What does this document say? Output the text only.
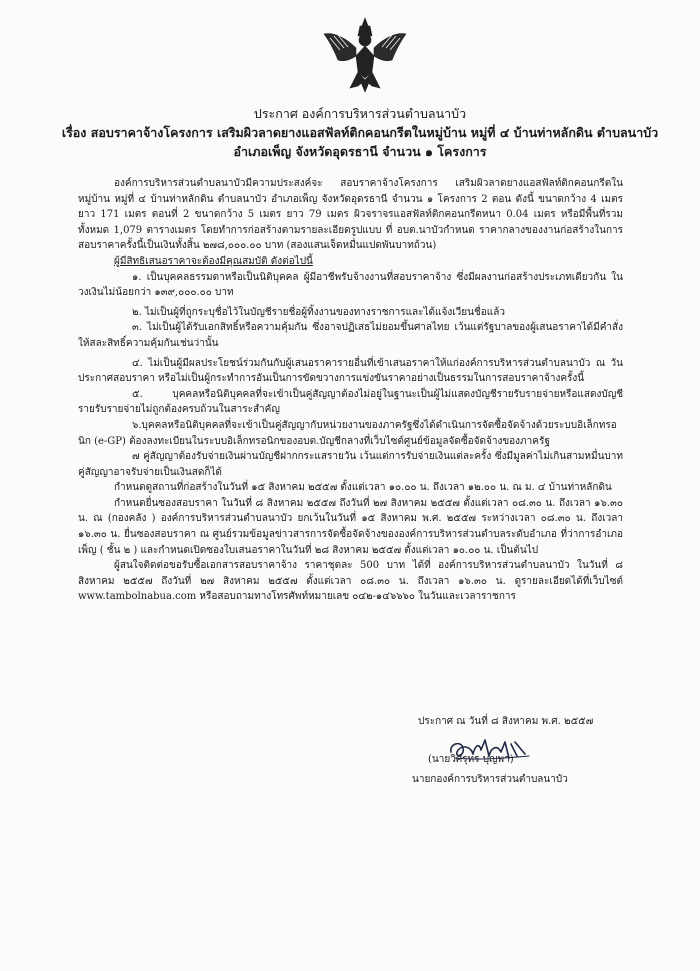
ประกาศ องค์การบริหารส่วนตำบลนาบัว
เรื่อง สอบราคาจ้างโครงการ เสริมผิวลาดยางแอสฟัลท์ติกคอนกรีตในหมู่บ้าน หมู่ที่ ๔ บ้านท่าหลักดิน ตำบลนาบัว
อำเภอเพ็ญ จังหวัดอุดรธานี จำนวน ๑ โครงการ

องค์การบริหารส่วนตำบลนาบัวมีความประสงค์จะ สอบราคาจ้างโครงการ เสริมผิวลาดยางแอสฟัลท์ติกคอนกรีตในหมู่บ้าน หมู่ที่ ๔ บ้านท่าหลักดิน ตำบลนาบัว อำเภอเพ็ญ จังหวัดอุดรธานี จำนวน ๑ โครงการ 2 ตอน ดังนี้ ขนาดกว้าง 4 เมตร ยาว 171 เมตร ตอนที่ 2 ขนาดกว้าง 5 เมตร ยาว 79 เมตร ผิวจราจรแอสฟัลท์ติกคอนกรีตหนา 0.04 เมตร หรือมีพื้นที่รวมทั้งหมด 1,079 ตารางเมตร โดยทำการก่อสร้างตามรายละเอียดรูปแบบ ที่ อบต.นาบัวกำหนด ราคากลางของงานก่อสร้างในการสอบราคาครั้งนี้เป็นเงินทั้งสิ้น ๒๗๘,๐๐๐.๐๐ บาท (สองแสนเจ็ดหมื่นแปดพันบาทถ้วน)

ผู้มีสิทธิเสนอราคาจะต้องมีคุณสมบัติ ดังต่อไปนี้

๑. เป็นบุคคลธรรมดาหรือเป็นนิติบุคคล ผู้มีอาชีพรับจ้างงานที่สอบราคาจ้าง ซึ่งมีผลงานก่อสร้างประเภทเดียวกัน ในวงเงินไม่น้อยกว่า ๑๓๙,๐๐๐.๐๐ บาท

๒. ไม่เป็นผู้ที่ถูกระบุชื่อไว้ในบัญชีรายชื่อผู้ทิ้งงานของทางราชการและได้แจ้งเวียนชื่อแล้ว

๓. ไม่เป็นผู้ได้รับเอกสิทธิ์หรือความคุ้มกัน ซึ่งอาจปฏิเสธไม่ยอมขึ้นศาลไทย เว้นแต่รัฐบาลของผู้เสนอราคาได้มีคำสั่งให้สละสิทธิ์ความคุ้มกันเช่นว่านั้น

๔. ไม่เป็นผู้มีผลประโยชน์ร่วมกันกับผู้เสนอราคารายอื่นที่เข้าเสนอราคาให้แก่องค์การบริหารส่วนตำบลนาบัว ณ วันประกาศสอบราคา หรือไม่เป็นผู้กระทำการอันเป็นการขัดขวางการแข่งขันราคาอย่างเป็นธรรมในการสอบราคาจ้างครั้งนี้

๕. บุคคลหรือนิติบุคคลที่จะเข้าเป็นคู่สัญญาต้องไม่อยู่ในฐานะเป็นผู้ไม่แสดงบัญชีรายรับรายจ่ายหรือแสดงบัญชีรายรับรายจ่ายไม่ถูกต้องครบถ้วนในสาระสำคัญ

๖.บุคคลหรือนิติบุคคลที่จะเข้าเป็นคู่สัญญากับหน่วยงานของภาครัฐซึ่งได้ดำเนินการจัดซื้อจัดจ้างด้วยระบบอิเล็กทรอนิก (e-GP) ต้องลงทะเบียนในระบบอิเล็กทรอนิกของอบต.บัญชีกลางที่เว็บไซต์ศูนย์ข้อมูลจัดซื้อจัดจ้างของภาครัฐ

๗ คู่สัญญาต้องรับจ่ายเงินผ่านบัญชีฝากกระแสรายวัน เว้นแต่การรับจ่ายเงินแต่ละครั้ง ซึ่งมีมูลค่าไม่เกินสามหมื่นบาทคู่สัญญาอาจรับจ่ายเป็นเงินสดก็ได้

กำหนดดูสถานที่ก่อสร้างในวันที่ ๑๕ สิงหาคม ๒๕๕๗ ตั้งแต่เวลา ๑๐.๐๐ น. ถึงเวลา ๑๒.๐๐ น. ณ ม. ๔ บ้านท่าหลักดิน

กำหนดยื่นซองสอบราคา ในวันที่ ๘ สิงหาคม ๒๕๕๗ ถึงวันที่ ๒๗ สิงหาคม ๒๕๕๗ ตั้งแต่เวลา ๐๘.๓๐ น. ถึงเวลา ๑๖.๓๐ น. ณ (กองคลัง ) องค์การบริหารส่วนตำบลนาบัว ยกเว้นในวันที่ ๑๕ สิงหาคม พ.ศ. ๒๕๕๗ ระหว่างเวลา ๐๘.๓๐ น. ถึงเวลา ๑๖.๓๐ น. ยื่นซองสอบราคา ณ ศูนย์รวมข้อมูลข่าวสารการจัดซื้อจัดจ้างขององค์การบริหารส่วนตำบลระดับอำเภอ ที่ว่าการอำเภอเพ็ญ ( ชั้น ๒ ) และกำหนดเปิดซองใบเสนอราคาในวันที่ ๒๘ สิงหาคม ๒๕๕๗ ตั้งแต่เวลา ๑๐.๐๐ น. เป็นต้นไป

ผู้สนใจติดต่อขอรับซื้อเอกสารสอบราคาจ้าง ราคาชุดละ 500 บาท ได้ที่ องค์การบริหารส่วนตำบลนาบัว ในวันที่ ๘ สิงหาคม ๒๕๕๗ ถึงวันที่ ๒๗ สิงหาคม ๒๕๕๗ ตั้งแต่เวลา ๐๘.๓๐ น. ถึงเวลา ๑๖.๓๐ น. ดูรายละเอียดได้ที่เว็บไซต์ www.tambolnabua.com หรือสอบถามทางโทรศัพท์หมายเลข ๐๔๒-๑๔๖๖๖๐ ในวันและเวลาราชการ

ประกาศ ณ วันที่ ๘ สิงหาคม พ.ศ. ๒๕๕๗
(นายวิศรุทร บุญพา)
นายกองค์การบริหารส่วนตำบลนาบัว
